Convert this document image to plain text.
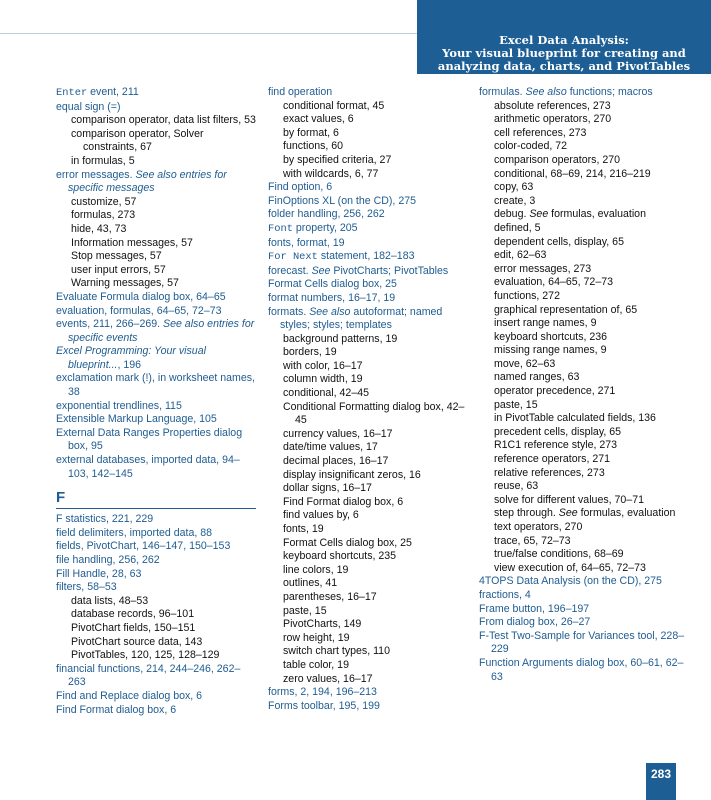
Excel Data Analysis:
Your visual blueprint for creating and
analyzing data, charts, and PivotTables
Enter event, 211
equal sign (=)
comparison operator, data list filters, 53
comparison operator, Solver constraints, 67
in formulas, 5
error messages. See also entries for specific messages
customize, 57
formulas, 273
hide, 43, 73
Information messages, 57
Stop messages, 57
user input errors, 57
Warning messages, 57
Evaluate Formula dialog box, 64–65
evaluation, formulas, 64–65, 72–73
events, 211, 266–269. See also entries for specific events
Excel Programming: Your visual blueprint..., 196
exclamation mark (!), in worksheet names, 38
exponential trendlines, 115
Extensible Markup Language, 105
External Data Ranges Properties dialog box, 95
external databases, imported data, 94–103, 142–145
F
F statistics, 221, 229
field delimiters, imported data, 88
fields, PivotChart, 146–147, 150–153
file handling, 256, 262
Fill Handle, 28, 63
filters, 58–53
data lists, 48–53
database records, 96–101
PivotChart fields, 150–151
PivotChart source data, 143
PivotTables, 120, 125, 128–129
financial functions, 214, 244–246, 262–263
Find and Replace dialog box, 6
Find Format dialog box, 6
find operation
conditional format, 45
exact values, 6
by format, 6
functions, 60
by specified criteria, 27
with wildcards, 6, 77
Find option, 6
FinOptions XL (on the CD), 275
folder handling, 256, 262
Font property, 205
fonts, format, 19
For Next statement, 182–183
forecast. See PivotCharts; PivotTables
Format Cells dialog box, 25
format numbers, 16–17, 19
formats. See also autoformat; named styles; styles; templates
background patterns, 19
borders, 19
with color, 16–17
column width, 19
conditional, 42–45
Conditional Formatting dialog box, 42–45
currency values, 16–17
date/time values, 17
decimal places, 16–17
display insignificant zeros, 16
dollar signs, 16–17
Find Format dialog box, 6
find values by, 6
fonts, 19
Format Cells dialog box, 25
keyboard shortcuts, 235
line colors, 19
outlines, 41
parentheses, 16–17
paste, 15
PivotCharts, 149
row height, 19
switch chart types, 110
table color, 19
zero values, 16–17
forms, 2, 194, 196–213
Forms toolbar, 195, 199
formulas. See also functions; macros
absolute references, 273
arithmetic operators, 270
cell references, 273
color-coded, 72
comparison operators, 270
conditional, 68–69, 214, 216–219
copy, 63
create, 3
debug. See formulas, evaluation
defined, 5
dependent cells, display, 65
edit, 62–63
error messages, 273
evaluation, 64–65, 72–73
functions, 272
graphical representation of, 65
insert range names, 9
keyboard shortcuts, 236
missing range names, 9
move, 62–63
named ranges, 63
operator precedence, 271
paste, 15
in PivotTable calculated fields, 136
precedent cells, display, 65
R1C1 reference style, 273
reference operators, 271
relative references, 273
reuse, 63
solve for different values, 70–71
step through. See formulas, evaluation
text operators, 270
trace, 65, 72–73
true/false conditions, 68–69
view execution of, 64–65, 72–73
4TOPS Data Analysis (on the CD), 275
fractions, 4
Frame button, 196–197
From dialog box, 26–27
F-Test Two-Sample for Variances tool, 228–229
Function Arguments dialog box, 60–61, 62–63
283
